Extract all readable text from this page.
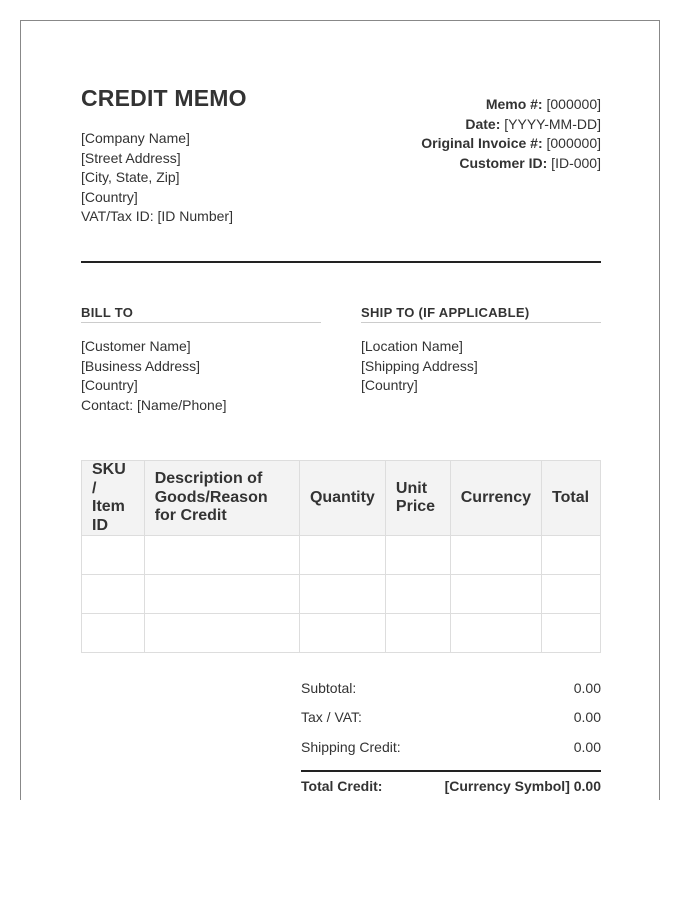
CREDIT MEMO
[Company Name]
[Street Address]
[City, State, Zip]
[Country]
VAT/Tax ID: [ID Number]
Memo #: [000000]
Date: [YYYY-MM-DD]
Original Invoice #: [000000]
Customer ID: [ID-000]
BILL TO	SHIP TO (IF APPLICABLE)
[Customer Name]
[Business Address]
[Country]
Contact: [Name/Phone]
[Location Name]
[Shipping Address]
[Country]
SKU / Item ID	Description of Goods/Reason for Credit	Quantity	Unit Price	Currency	Total

Subtotal:	0.00
Tax / VAT:	0.00
Shipping Credit:	0.00
Total Credit:	[Currency Symbol] 0.00
